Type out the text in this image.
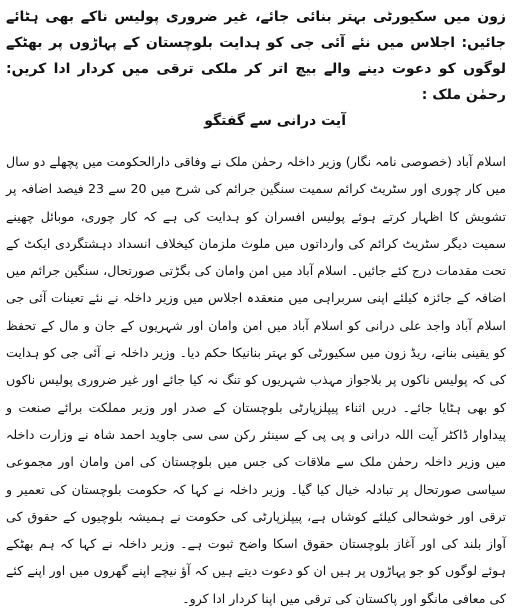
زون میں سکیورٹی بہتر بنائی جائے، غیر ضروری پولیس ناکے بھی ہٹائے جائیں: اجلاس میں نئے آئی جی کو ہدایت بلوچستان کے پہاڑوں پر بھٹکے لوگوں کو دعوت دینے والے بیچ اتر کر ملکی ترقی میں کردار ادا کریں: رحمٰن ملک :

آیت درانی سے گفتگو

اسلام آباد (خصوصی نامہ نگار) وزیر داخلہ رحمٰن ملک نے وفاقی دارالحکومت میں پچھلے دو سال میں کار چوری اور سٹریٹ کرائم سمیت سنگین جرائم کی شرح میں 20 سے 23 فیصد اضافہ پر تشویش کا اظہار کرتے ہوئے پولیس افسران کو ہدایت کی ہے کہ کار چوری، موبائل چھینے سمیت دیگر سٹریٹ کرائم کی وارداتوں میں ملوث ملزمان کیخلاف انسداد دہشتگردی ایکٹ کے تحت مقدمات درج کئے جائیں۔ اسلام آباد میں امن وامان کی بگڑتی صورتحال، سنگین جرائم میں اضافہ کے جائزہ کیلئے اپنی سربراہی میں منعقدہ اجلاس میں وزیر داخلہ نے نئے تعینات آئی جی اسلام آباد واجد علی درانی کو اسلام آباد میں امن وامان اور شہریوں کے جان و مال کے تحفظ کو یقینی بنانے، ریڈ زون میں سکیورٹی کو بہتر بنانیکا حکم دیا۔ وزیر داخلہ نے آئی جی کو ہدایت کی کہ پولیس ناکوں پر بلاجواز مہذب شہریوں کو تنگ نہ کیا جائے اور غیر ضروری پولیس ناکوں کو بھی ہٹایا جائے۔ دریں اثناء پیپلزپارٹی بلوچستان کے صدر اور وزیر مملکت برائے صنعت و پیداوار ڈاکٹر آیت اللہ درانی و پی پی کے سینئر رکن سی سی جاوید احمد شاہ نے وزارت داخلہ میں وزیر داخلہ رحمٰن ملک سے ملاقات کی جس میں بلوچستان کی امن وامان اور مجموعی سیاسی صورتحال پر تبادلہ خیال کیا گیا۔ وزیر داخلہ نے کہا کہ حکومت بلوچستان کی تعمیر و ترقی اور خوشحالی کیلئے کوشاں ہے، پیپلزپارٹی کی حکومت نے ہمیشہ بلوچیوں کے حقوق کی آواز بلند کی اور آغاز بلوچستان حقوق اسکا واضح ثبوت ہے۔ وزیر داخلہ نے کہا کہ ہم بھٹکے ہوئے لوگوں کو جو پہاڑوں پر ہیں ان کو دعوت دیتے ہیں کہ آؤ نیچے اپنے گھروں میں اور اپنے کئے کی معافی مانگو اور پاکستان کی ترقی میں اپنا کردار ادا کرو۔
